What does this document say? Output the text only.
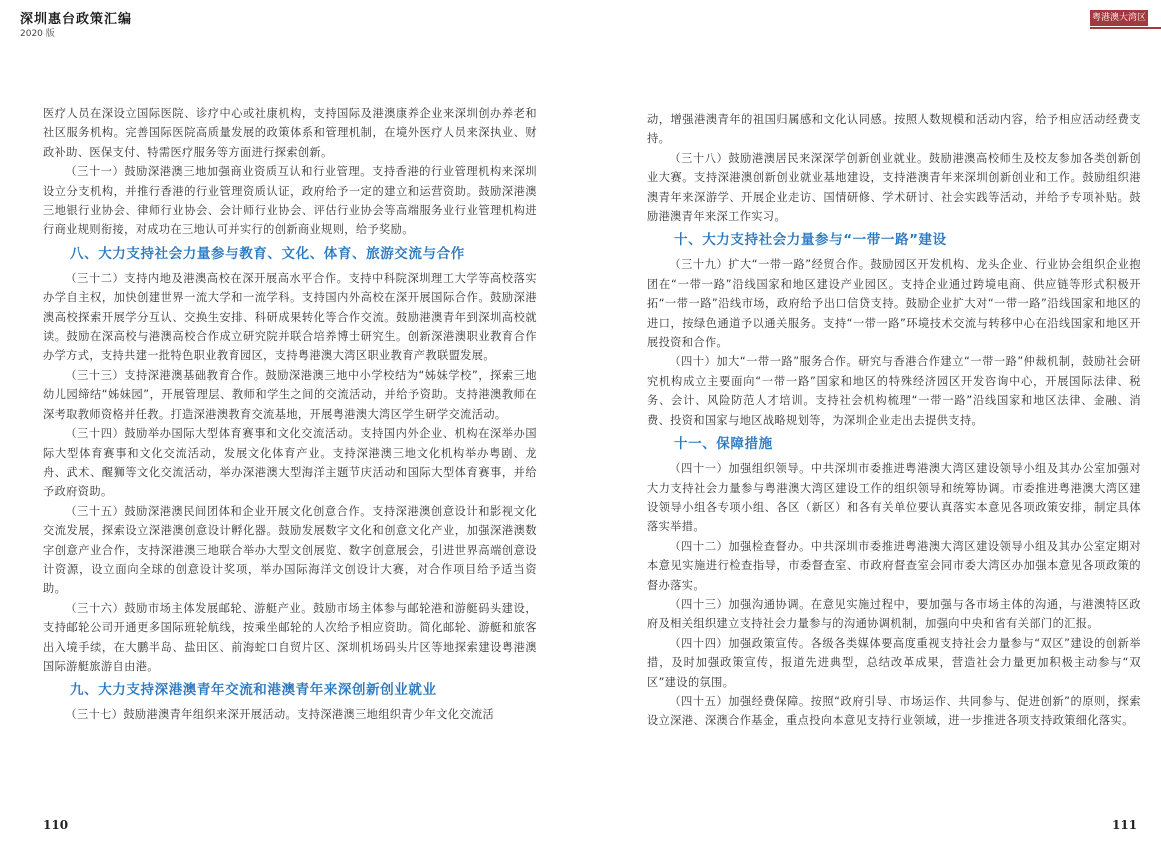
深圳惠台政策汇编
2020 版
粤港澳大湾区

医疗人员在深设立国际医院、诊疗中心或社康机构，支持国际及港澳康养企业来深圳创办养老和社区服务机构。完善国际医院高质量发展的政策体系和管理机制，在境外医疗人员来深执业、财政补助、医保支付、特需医疗服务等方面进行探索创新。

（三十一）鼓励深港澳三地加强商业资质互认和行业管理。支持香港的行业管理机构来深圳设立分支机构，并推行香港的行业管理资质认证，政府给予一定的建立和运营资助。鼓励深港澳三地银行业协会、律师行业协会、会计师行业协会、评估行业协会等高端服务业行业管理机构进行商业规则衔接，对成功在三地认可并实行的创新商业规则，给予奖励。

八、大力支持社会力量参与教育、文化、体育、旅游交流与合作

（三十二）支持内地及港澳高校在深开展高水平合作。支持中科院深圳理工大学等高校落实办学自主权，加快创建世界一流大学和一流学科。支持国内外高校在深开展国际合作。鼓励深港澳高校探索开展学分互认、交换生安排、科研成果转化等合作交流。鼓励港澳青年到深圳高校就读。鼓励在深高校与港澳高校合作成立研究院并联合培养博士研究生。创新深港澳职业教育合作办学方式，支持共建一批特色职业教育园区，支持粤港澳大湾区职业教育产教联盟发展。

（三十三）支持深港澳基础教育合作。鼓励深港澳三地中小学校结为“姊妹学校”，探索三地幼儿园缔结“姊妹园”，开展管理层、教师和学生之间的交流活动，并给予资助。支持港澳教师在深考取教师资格并任教。打造深港澳教育交流基地，开展粤港澳大湾区学生研学交流活动。

（三十四）鼓励举办国际大型体育赛事和文化交流活动。支持国内外企业、机构在深举办国际大型体育赛事和文化交流活动，发展文化体育产业。支持深港澳三地文化机构举办粤剧、龙舟、武术、醒狮等文化交流活动，举办深港澳大型海洋主题节庆活动和国际大型体育赛事，并给予政府资助。

（三十五）鼓励深港澳民间团体和企业开展文化创意合作。支持深港澳创意设计和影视文化交流发展，探索设立深港澳创意设计孵化器。鼓励发展数字文化和创意文化产业，加强深港澳数字创意产业合作，支持深港澳三地联合举办大型文创展览、数字创意展会，引进世界高端创意设计资源，设立面向全球的创意设计奖项，举办国际海洋文创设计大赛，对合作项目给予适当资助。

（三十六）鼓励市场主体发展邮轮、游艇产业。鼓励市场主体参与邮轮港和游艇码头建设，支持邮轮公司开通更多国际班轮航线，按乘坐邮轮的人次给予相应资助。简化邮轮、游艇和旅客出入境手续，在大鹏半岛、盐田区、前海蛇口自贸片区、深圳机场码头片区等地探索建设粤港澳国际游艇旅游自由港。

九、大力支持深港澳青年交流和港澳青年来深创新创业就业

（三十七）鼓励港澳青年组织来深开展活动。支持深港澳三地组织青少年文化交流活

动，增强港澳青年的祖国归属感和文化认同感。按照人数规模和活动内容，给予相应活动经费支持。

（三十八）鼓励港澳居民来深深学创新创业就业。鼓励港澳高校师生及校友参加各类创新创业大赛。支持深港澳创新创业就业基地建设，支持港澳青年来深圳创新创业和工作。鼓励组织港澳青年来深游学、开展企业走访、国情研修、学术研讨、社会实践等活动，并给予专项补贴。鼓励港澳青年来深工作实习。

十、大力支持社会力量参与“一带一路”建设

（三十九）扩大“一带一路”经贸合作。鼓励园区开发机构、龙头企业、行业协会组织企业抱团在“一带一路”沿线国家和地区建设产业园区。支持企业通过跨境电商、供应链等形式积极开拓“一带一路”沿线市场，政府给予出口信贷支持。鼓励企业扩大对“一带一路”沿线国家和地区的进口，按绿色通道予以通关服务。支持“一带一路”环境技术交流与转移中心在沿线国家和地区开展投资和合作。

（四十）加大“一带一路”服务合作。研究与香港合作建立“一带一路”仲裁机制，鼓励社会研究机构成立主要面向“一带一路”国家和地区的特殊经济园区开发咨询中心，开展国际法律、税务、会计、风险防范人才培训。支持社会机构梳理“一带一路”沿线国家和地区法律、金融、消费、投资和国家与地区战略规划等，为深圳企业走出去提供支持。

十一、保障措施

（四十一）加强组织领导。中共深圳市委推进粤港澳大湾区建设领导小组及其办公室加强对大力支持社会力量参与粤港澳大湾区建设工作的组织领导和统筹协调。市委推进粤港澳大湾区建设领导小组各专项小组、各区（新区）和各有关单位要认真落实本意见各项政策安排，制定具体落实举措。

（四十二）加强检查督办。中共深圳市委推进粤港澳大湾区建设领导小组及其办公室定期对本意见实施进行检查指导，市委督查室、市政府督查室会同市委大湾区办加强本意见各项政策的督办落实。

（四十三）加强沟通协调。在意见实施过程中，要加强与各市场主体的沟通，与港澳特区政府及相关组织建立支持社会力量参与的沟通协调机制，加强向中央和省有关部门的汇报。

（四十四）加强政策宣传。各级各类媒体要高度重视支持社会力量参与“双区”建设的创新举措，及时加强政策宣传，报道先进典型，总结改革成果，营造社会力量更加积极主动参与“双区”建设的氛围。

（四十五）加强经费保障。按照“政府引导、市场运作、共同参与、促进创新”的原则，探索设立深港、深澳合作基金，重点投向本意见支持行业领域，进一步推进各项支持政策细化落实。

110	111
